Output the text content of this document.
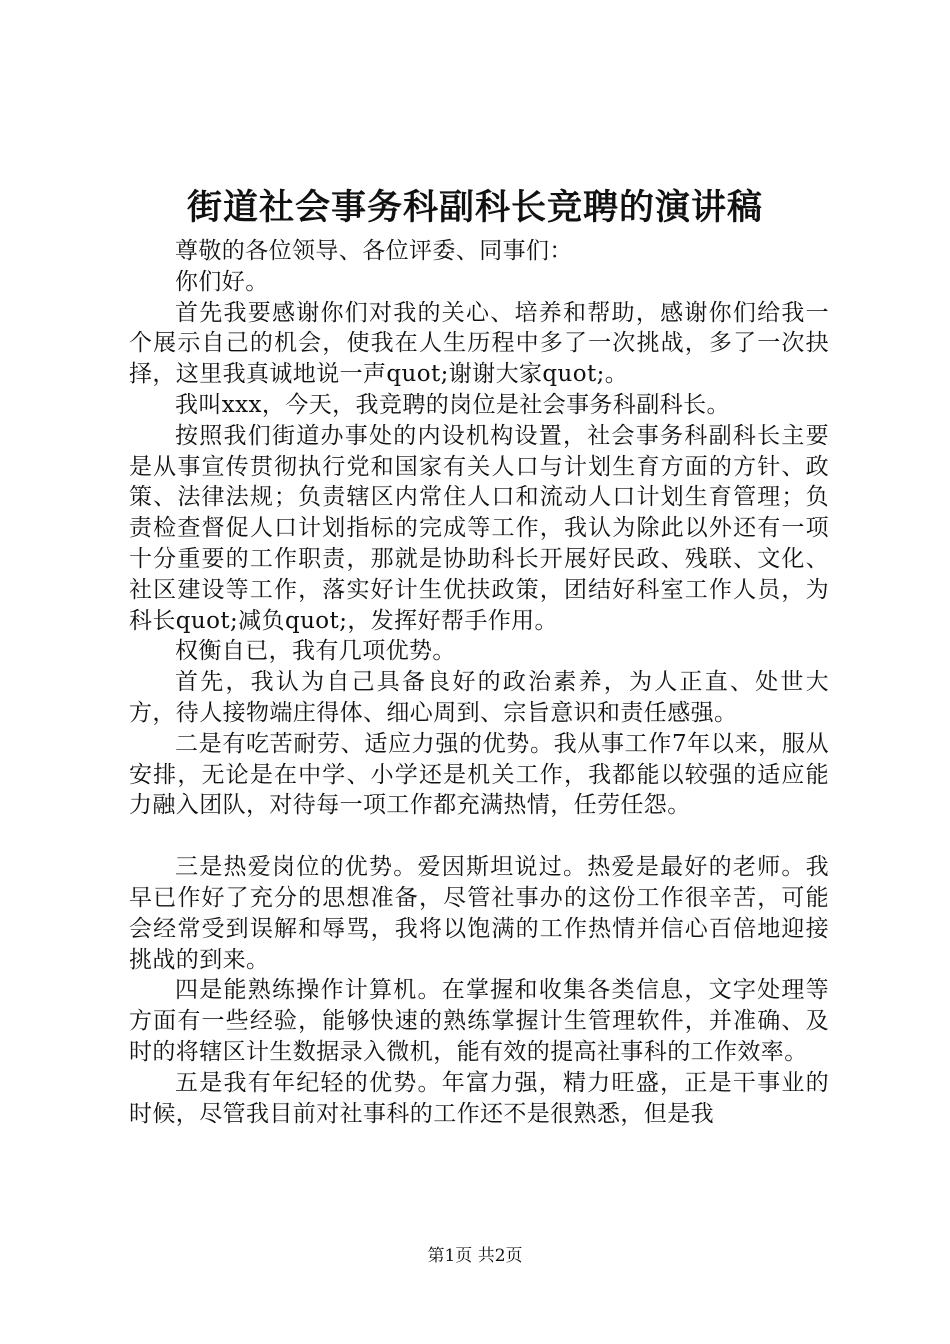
街道社会事务科副科长竞聘的演讲稿

尊敬的各位领导、各位评委、同事们：

你们好。

首先我要感谢你们对我的关心、培养和帮助，感谢你们给我一个展示自己的机会，使我在人生历程中多了一次挑战，多了一次抉择，这里我真诚地说一声quot;谢谢大家quot;。

我叫xxx，今天，我竞聘的岗位是社会事务科副科长。

按照我们街道办事处的内设机构设置，社会事务科副科长主要是从事宣传贯彻执行党和国家有关人口与计划生育方面的方针、政策、法律法规；负责辖区内常住人口和流动人口计划生育管理；负责检查督促人口计划指标的完成等工作，我认为除此以外还有一项十分重要的工作职责，那就是协助科长开展好民政、残联、文化、社区建设等工作，落实好计生优扶政策，团结好科室工作人员，为科长quot;减负quot;，发挥好帮手作用。

权衡自已，我有几项优势。

首先，我认为自己具备良好的政治素养，为人正直、处世大方，待人接物端庄得体、细心周到、宗旨意识和责任感强。

二是有吃苦耐劳、适应力强的优势。我从事工作7年以来，服从安排，无论是在中学、小学还是机关工作，我都能以较强的适应能力融入团队，对待每一项工作都充满热情，任劳任怨。

三是热爱岗位的优势。爱因斯坦说过。热爱是最好的老师。我早已作好了充分的思想准备，尽管社事办的这份工作很辛苦，可能会经常受到误解和辱骂，我将以饱满的工作热情并信心百倍地迎接挑战的到来。

四是能熟练操作计算机。在掌握和收集各类信息，文字处理等方面有一些经验，能够快速的熟练掌握计生管理软件，并准确、及时的将辖区计生数据录入微机，能有效的提高社事科的工作效率。

五是我有年纪轻的优势。年富力强，精力旺盛，正是干事业的时候，尽管我目前对社事科的工作还不是很熟悉，但是我

第1页 共2页
